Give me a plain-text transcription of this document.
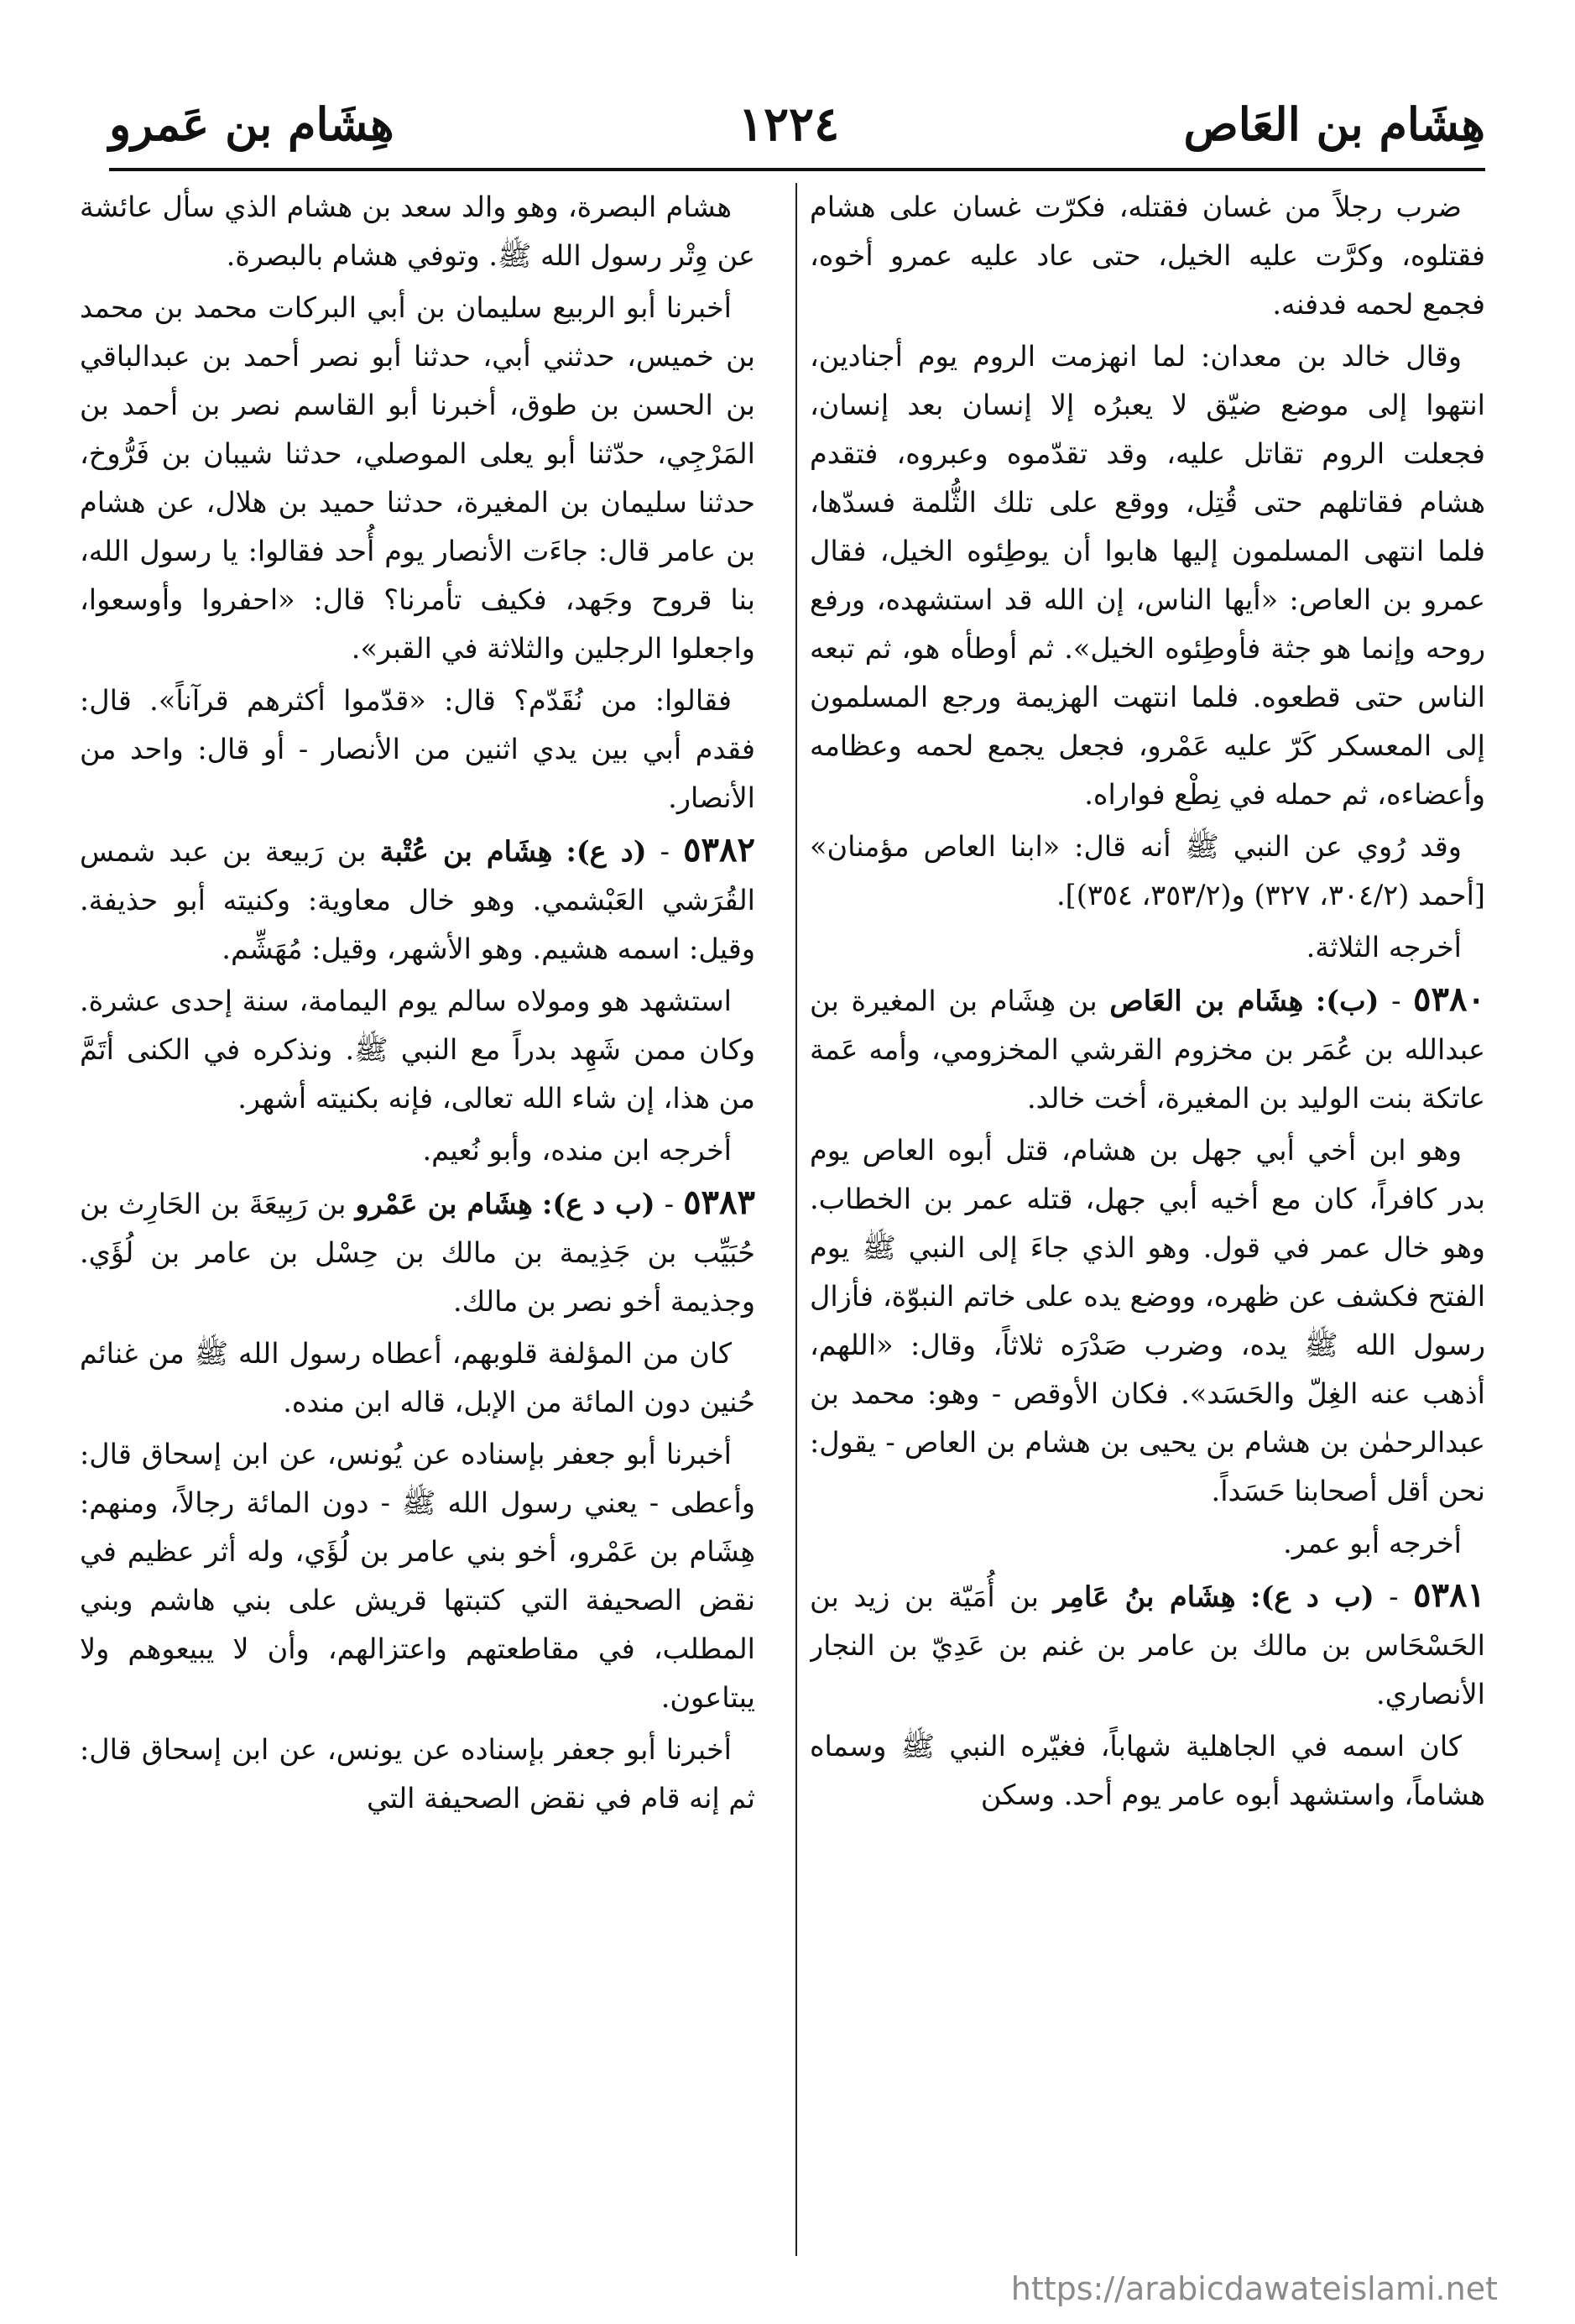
هِشَام بن العَاص
١٢٢٤
هِشَام بن عَمرو

ضرب رجلاً من غسان فقتله، فكرّت غسان على هشام فقتلوه، وكرَّت عليه الخيل، حتى عاد عليه عمرو أخوه، فجمع لحمه فدفنه.

وقال خالد بن معدان: لما انهزمت الروم يوم أجنادين، انتهوا إلى موضع ضيّق لا يعبرُه إلا إنسان بعد إنسان، فجعلت الروم تقاتل عليه، وقد تقدّموه وعبروه، فتقدم هشام فقاتلهم حتى قُتِل، ووقع على تلك الثُّلمة فسدّها، فلما انتهى المسلمون إليها هابوا أن يوطِئوه الخيل، فقال عمرو بن العاص: «أيها الناس، إن الله قد استشهده، ورفع روحه وإنما هو جثة فأوطِئوه الخيل». ثم أوطأه هو، ثم تبعه الناس حتى قطعوه. فلما انتهت الهزيمة ورجع المسلمون إلى المعسكر كَرّ عليه عَمْرو، فجعل يجمع لحمه وعظامه وأعضاءه، ثم حمله في نِطْع فواراه.

وقد رُوي عن النبي ﷺ أنه قال: «ابنا العاص مؤمنان» [أحمد (٣٠٤/٢، ٣٢٧) و(٣٥٣/٢، ٣٥٤)].

أخرجه الثلاثة.

٥٣٨٠ - (ب): هِشَام بن العَاص بن هِشَام بن المغيرة بن عبدالله بن عُمَر بن مخزوم القرشي المخزومي، وأمه عَمة عاتكة بنت الوليد بن المغيرة، أخت خالد.

وهو ابن أخي أبي جهل بن هشام، قتل أبوه العاص يوم بدر كافراً، كان مع أخيه أبي جهل، قتله عمر بن الخطاب. وهو خال عمر في قول. وهو الذي جاءَ إلى النبي ﷺ يوم الفتح فكشف عن ظهره، ووضع يده على خاتم النبوّة، فأزال رسول الله ﷺ يده، وضرب صَدْرَه ثلاثاً، وقال: «اللهم، أذهب عنه الغِلّ والحَسَد». فكان الأوقص - وهو: محمد بن عبدالرحمٰن بن هشام بن يحيى بن هشام بن العاص - يقول: نحن أقل أصحابنا حَسَداً.

أخرجه أبو عمر.

٥٣٨١ - (ب د ع): هِشَام بنُ عَامِر بن أُمَيّة بن زيد بن الحَسْحَاس بن مالك بن عامر بن غنم بن عَدِيّ بن النجار الأنصاري.

كان اسمه في الجاهلية شهاباً، فغيّره النبي ﷺ وسماه هشاماً، واستشهد أبوه عامر يوم أحد. وسكن

هشام البصرة، وهو والد سعد بن هشام الذي سأل عائشة عن وِتْر رسول الله ﷺ. وتوفي هشام بالبصرة.

أخبرنا أبو الربيع سليمان بن أبي البركات محمد بن محمد بن خميس، حدثني أبي، حدثنا أبو نصر أحمد بن عبدالباقي بن الحسن بن طوق، أخبرنا أبو القاسم نصر بن أحمد بن المَرْجِي، حدّثنا أبو يعلى الموصلي، حدثنا شيبان بن فَرُّوخ، حدثنا سليمان بن المغيرة، حدثنا حميد بن هلال، عن هشام بن عامر قال: جاءَت الأنصار يوم أُحد فقالوا: يا رسول الله، بنا قروح وجَهد، فكيف تأمرنا؟ قال: «احفروا وأوسعوا، واجعلوا الرجلين والثلاثة في القبر».

فقالوا: من نُقَدّم؟ قال: «قدّموا أكثرهم قرآناً». قال: فقدم أبي بين يدي اثنين من الأنصار - أو قال: واحد من الأنصار.

٥٣٨٢ - (د ع): هِشَام بن عُتْبة بن رَبيعة بن عبد شمس القُرَشي العَبْشمي. وهو خال معاوية: وكنيته أبو حذيفة. وقيل: اسمه هشيم. وهو الأشهر، وقيل: مُهَشِّم.

استشهد هو ومولاه سالم يوم اليمامة، سنة إحدى عشرة. وكان ممن شَهِد بدراً مع النبي ﷺ. ونذكره في الكنى أتَمَّ من هذا، إن شاء الله تعالى، فإنه بكنيته أشهر.

أخرجه ابن منده، وأبو نُعيم.

٥٣٨٣ - (ب د ع): هِشَام بن عَمْرو بن رَبِيعَةَ بن الحَارِث بن حُبَيِّب بن جَذِيمة بن مالك بن حِسْل بن عامر بن لُؤَي. وجذيمة أخو نصر بن مالك.

كان من المؤلفة قلوبهم، أعطاه رسول الله ﷺ من غنائم حُنين دون المائة من الإبل، قاله ابن منده.

أخبرنا أبو جعفر بإسناده عن يُونس، عن ابن إسحاق قال: وأعطى - يعني رسول الله ﷺ - دون المائة رجالاً، ومنهم: هِشَام بن عَمْرو، أخو بني عامر بن لُؤَي، وله أثر عظيم في نقض الصحيفة التي كتبتها قريش على بني هاشم وبني المطلب، في مقاطعتهم واعتزالهم، وأن لا يبيعوهم ولا يبتاعون.

أخبرنا أبو جعفر بإسناده عن يونس، عن ابن إسحاق قال: ثم إنه قام في نقض الصحيفة التي

https://arabicdawateislami.net
